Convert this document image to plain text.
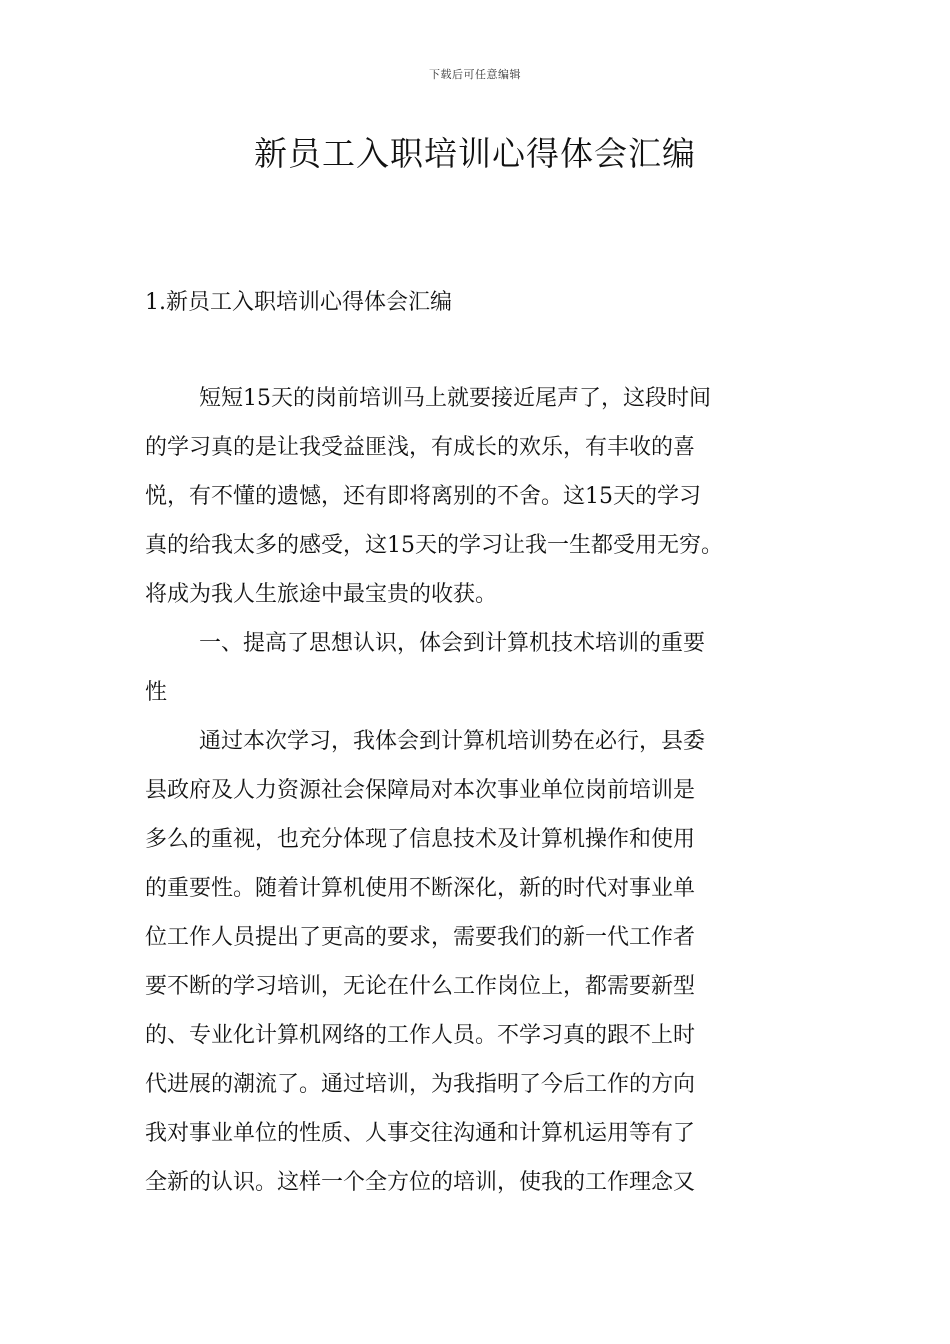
下载后可任意编辑
新员工入职培训心得体会汇编
1.新员工入职培训心得体会汇编
短短15天的岗前培训马上就要接近尾声了，这段时间
的学习真的是让我受益匪浅，有成长的欢乐，有丰收的喜
悦，有不懂的遗憾，还有即将离别的不舍。这15天的学习
真的给我太多的感受，这15天的学习让我一生都受用无穷。
将成为我人生旅途中最宝贵的收获。
一、提高了思想认识，体会到计算机技术培训的重要
性
通过本次学习，我体会到计算机培训势在必行，县委
县政府及人力资源社会保障局对本次事业单位岗前培训是
多么的重视，也充分体现了信息技术及计算机操作和使用
的重要性。随着计算机使用不断深化，新的时代对事业单
位工作人员提出了更高的要求，需要我们的新一代工作者
要不断的学习培训，无论在什么工作岗位上，都需要新型
的、专业化计算机网络的工作人员。不学习真的跟不上时
代进展的潮流了。通过培训，为我指明了今后工作的方向
我对事业单位的性质、人事交往沟通和计算机运用等有了
全新的认识。这样一个全方位的培训，使我的工作理念又
